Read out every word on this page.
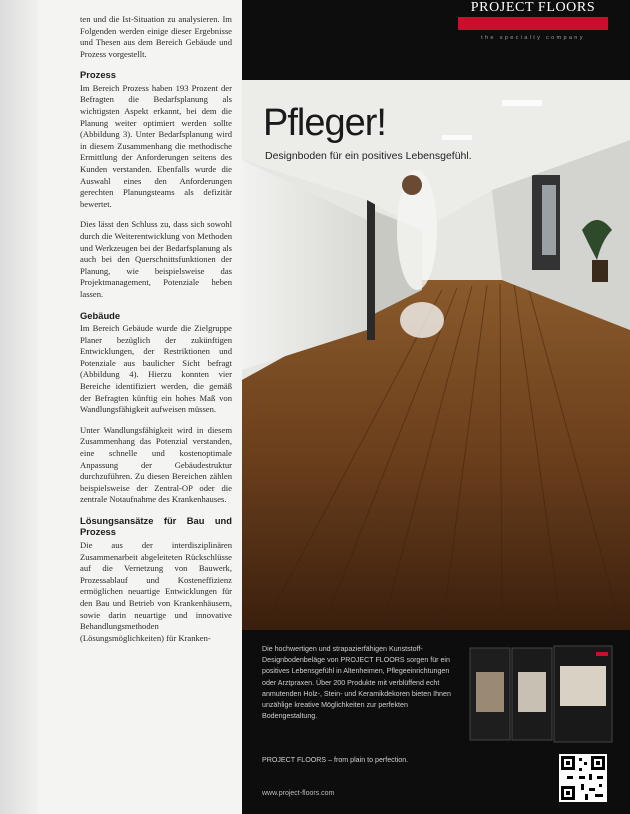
ten und die Ist-Situation zu analysieren. Im Folgenden werden einige dieser Ergebnisse und Thesen aus dem Bereich Gebäude und Prozess vorgestellt.

Prozess

Im Bereich Prozess haben 193 Prozent der Befragten die Bedarfsplanung als wichtigsten Aspekt erkannt, bei dem die Planung weiter optimiert werden sollte (Abbildung 3). Unter Bedarfsplanung wird in diesem Zusammenhang die methodische Ermittlung der Anforderungen seitens des Kunden verstanden. Ebenfalls wurde die Auswahl eines den Anforderungen gerechten Planungsteams als defizitär bewertet.

Dies lässt den Schluss zu, dass sich sowohl durch die Weiterentwicklung von Methoden und Werkzeugen bei der Bedarfsplanung als auch bei den Querschnittsfunktionen der Planung, wie beispielsweise das Projektmanagement, Potenziale heben lassen.

Gebäude

Im Bereich Gebäude wurde die Zielgruppe Planer bezüglich der zukünftigen Entwicklungen, der Restriktionen und Potenziale aus baulicher Sicht befragt (Abbildung 4). Hierzu konnten vier Bereiche identifiziert werden, die gemäß der Befragten künftig ein hohes Maß von Wandlungsfähigkeit aufweisen müssen.

Unter Wandlungsfähigkeit wird in diesem Zusammenhang das Potenzial verstanden, eine schnelle und kostenoptimale Anpassung der Gebäudestruktur durchzuführen. Zu diesen Bereichen zählen beispielsweise der Zentral-OP oder die zentrale Notaufnahme des Krankenhauses.

Lösungsansätze für Bau und Prozess

Die aus der interdisziplinären Zusammenarbeit abgeleiteten Rückschlüsse auf die Vernetzung von Bauwerk, Prozessablauf und Kosteneffizienz ermöglichen neuartige Entwicklungen für den Bau und Betrieb von Krankenhäusern, sowie darin neuartige und innovative Behandlungsmethoden (Lösungsmöglichkeiten) für Kranken-

PROJECT FLOORS
the specialty company
Pfleger!
Designboden für ein positives Lebensgefühl.
Die hochwertigen und strapazierfähigen Kunststoff-Designbodenbeläge von PROJECT FLOORS sorgen für ein positives Lebensgefühl in Altenheimen, Pflegeeinrichtungen oder Arztpraxen. Über 200 Produkte mit verblüffend echt anmutenden Holz-, Stein- und Keramikdekoren bieten Ihnen unzählige kreative Möglichkeiten zur perfekten Bodengestaltung.
PROJECT FLOORS – from plain to perfection.
www.project-floors.com
